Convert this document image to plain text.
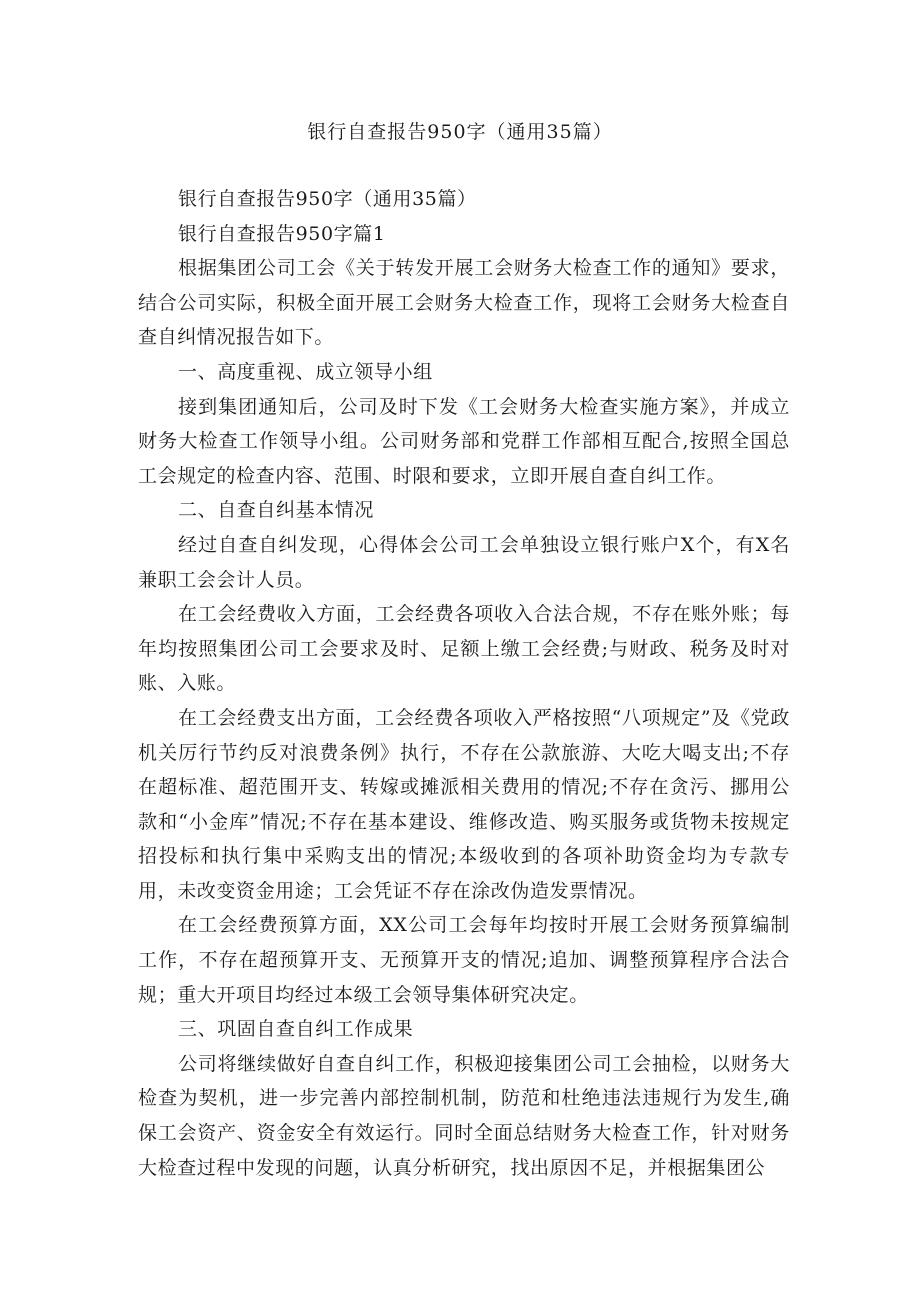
银行自查报告950字（通用35篇）

银行自查报告950字（通用35篇）

银行自查报告950字篇1

根据集团公司工会《关于转发开展工会财务大检查工作的通知》要求，结合公司实际，积极全面开展工会财务大检查工作，现将工会财务大检查自查自纠情况报告如下。

一、高度重视、成立领导小组

接到集团通知后，公司及时下发《工会财务大检查实施方案》，并成立财务大检查工作领导小组。公司财务部和党群工作部相互配合,按照全国总工会规定的检查内容、范围、时限和要求，立即开展自查自纠工作。

二、自查自纠基本情况

经过自查自纠发现，心得体会公司工会单独设立银行账户X个，有X名兼职工会会计人员。

在工会经费收入方面，工会经费各项收入合法合规，不存在账外账；每年均按照集团公司工会要求及时、足额上缴工会经费;与财政、税务及时对账、入账。

在工会经费支出方面，工会经费各项收入严格按照“八项规定”及《党政机关厉行节约反对浪费条例》执行，不存在公款旅游、大吃大喝支出;不存在超标准、超范围开支、转嫁或摊派相关费用的情况;不存在贪污、挪用公款和“小金库”情况;不存在基本建设、维修改造、购买服务或货物未按规定招投标和执行集中采购支出的情况;本级收到的各项补助资金均为专款专用，未改变资金用途；工会凭证不存在涂改伪造发票情况。

在工会经费预算方面，XX公司工会每年均按时开展工会财务预算编制工作，不存在超预算开支、无预算开支的情况;追加、调整预算程序合法合规；重大开项目均经过本级工会领导集体研究决定。

三、巩固自查自纠工作成果

公司将继续做好自查自纠工作，积极迎接集团公司工会抽检，以财务大检查为契机，进一步完善内部控制机制，防范和杜绝违法违规行为发生,确保工会资产、资金安全有效运行。同时全面总结财务大检查工作，针对财务大检查过程中发现的问题，认真分析研究，找出原因不足，并根据集团公
